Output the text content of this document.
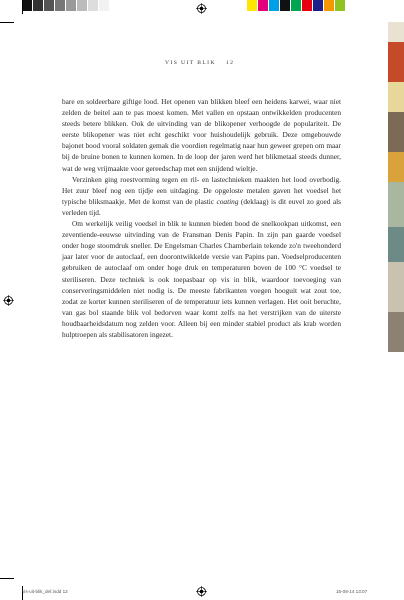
VIS UIT BLIK 12

bare en soldeerbare giftige lood. Het openen van blikken bleef een heidens karwei, waar niet zelden de beitel aan te pas moest komen. Met vallen en opstaan ontwikkelden producenten steeds betere blikken. Ook de uitvinding van de blikopener verhoogde de populariteit. De eerste blikopener was niet echt geschikt voor huishoudelijk gebruik. Deze omgebouwde bajonet bood vooral soldaten gemak die voordien regelmatig naar hun geweer grepen om maar bij de bruine bonen te kunnen komen. In de loop der jaren werd het blikmetaal steeds dunner, wat de weg vrijmaakte voor gereedschap met een snijdend wieltje.

Verzinken ging roestvorming tegen en ril- en lastechnieken maakten het lood overbodig. Het zuur bleef nog een tijdje een uitdaging. De opgeloste metalen gaven het voedsel het typische bliksmaakje. Met de komst van de plastic coating (deklaag) is dit euvel zo goed als verleden tijd.

Om werkelijk veilig voedsel in blik te kunnen bieden bood de snelkookpan uitkomst, een zeventiende-eeuwse uitvinding van de Fransman Denis Papin. In zijn pan gaarde voedsel onder hoge stoomdruk sneller. De Engelsman Charles Chamberlain tekende zo'n tweehonderd jaar later voor de autoclaaf, een doorontwikkelde versie van Papins pan. Voedselproducenten gebruiken de autoclaaf om onder hoge druk en temperaturen boven de 100 °C voedsel te steriliseren. Deze techniek is ook toepasbaar op vis in blik, waardoor toevoeging van conserveringsmiddelen niet nodig is. De meeste fabrikanten voegen hooguit wat zout toe, zodat ze korter kunnen steriliseren of de temperatuur iets kunnen verlagen. Het ooit beruchte, van gas bol staande blik vol bedorven waar komt zelfs na het verstrijken van de uiterste houdbaarheidsdatum nog zelden voor. Alleen bij een minder stabiel product als krab worden hulptroepen als stabilisatoren ingezet.

vis-uit-blik_def.indd 12	15-08-14 13:07
